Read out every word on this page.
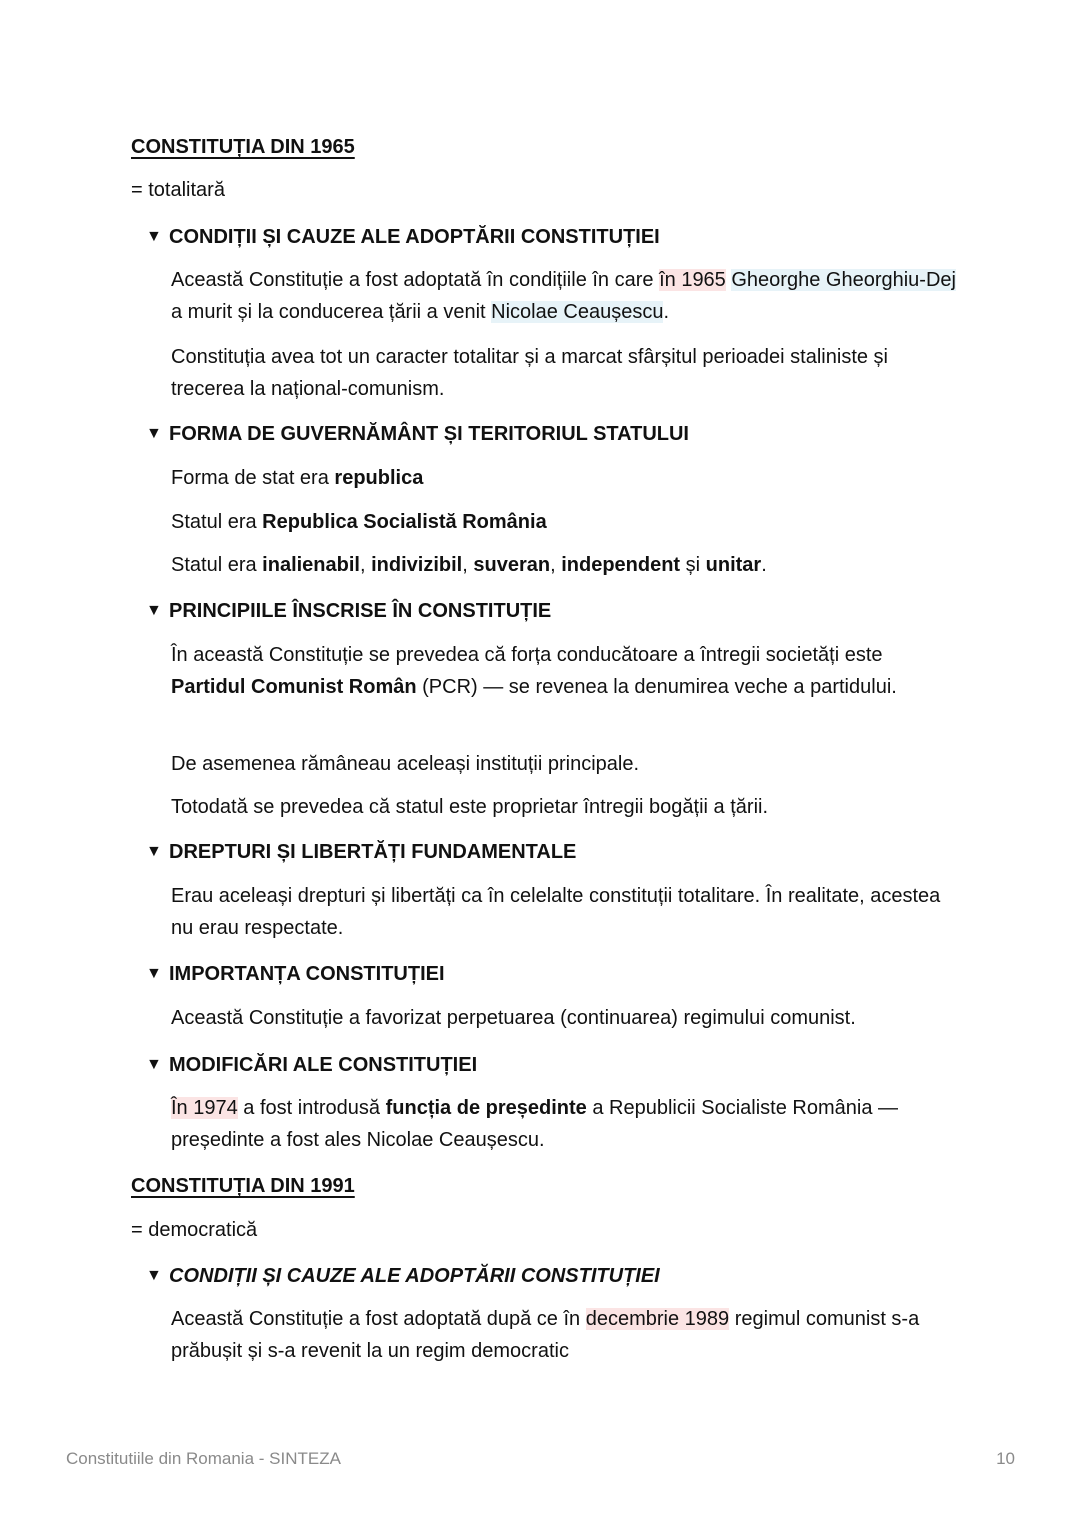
CONSTITUȚIA DIN 1965
= totalitară
▼ CONDIȚII ȘI CAUZE ALE ADOPTĂRII CONSTITUȚIEI
Această Constituție a fost adoptată în condițiile în care în 1965 Gheorghe Gheorghiu-Dej a murit și la conducerea țării a venit Nicolae Ceaușescu.
Constituția avea tot un caracter totalitar și a marcat sfârșitul perioadei staliniste și trecerea la național-comunism.
▼ FORMA DE GUVERNĂMÂNT ȘI TERITORIUL STATULUI
Forma de stat era republica
Statul era Republica Socialistă România
Statul era inalienabil, indivizibil, suveran, independent și unitar.
▼ PRINCIPIILE ÎNSCRISE ÎN CONSTITUȚIE
În această Constituție se prevedea că forța conducătoare a întregii societăți este Partidul Comunist Român (PCR) — se revenea la denumirea veche a partidului.
De asemenea rămâneau aceleași instituții principale.
Totodată se prevedea că statul este proprietar întregii bogății a țării.
▼ DREPTURI ȘI LIBERTĂȚI FUNDAMENTALE
Erau aceleași drepturi și libertăți ca în celelalte constituții totalitare. În realitate, acestea nu erau respectate.
▼ IMPORTANȚA CONSTITUȚIEI
Această Constituție a favorizat perpetuarea (continuarea) regimului comunist.
▼ MODIFICĂRI ALE CONSTITUȚIEI
În 1974 a fost introdusă funcția de președinte a Republicii Socialiste România — președinte a fost ales Nicolae Ceaușescu.
CONSTITUȚIA DIN 1991
= democratică
▼ CONDIȚII ȘI CAUZE ALE ADOPTĂRII CONSTITUȚIEI
Această Constituție a fost adoptată după ce în decembrie 1989 regimul comunist s-a prăbușit și s-a revenit la un regim democratic
Constitutiile din Romania - SINTEZA	10
